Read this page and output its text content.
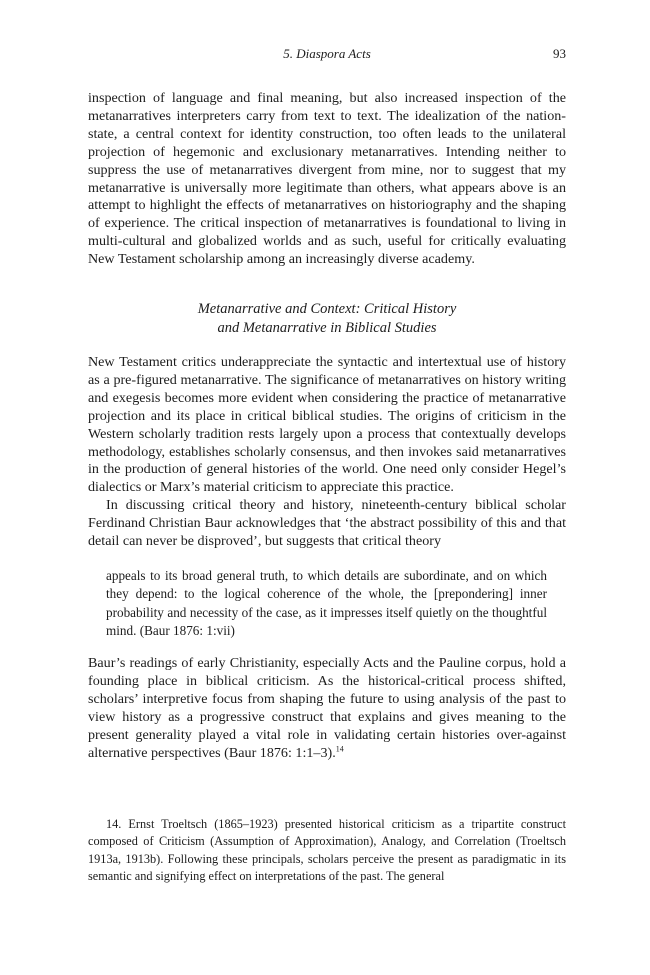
5. Diaspora Acts	93

inspection of language and final meaning, but also increased inspection of the metanarratives interpreters carry from text to text. The idealization of the nation-state, a central context for identity construction, too often leads to the unilateral projection of hegemonic and exclusionary metanarratives. Intending neither to suppress the use of metanarratives divergent from mine, nor to suggest that my metanarrative is universally more legitimate than others, what appears above is an attempt to highlight the effects of metanarratives on historiography and the shaping of experience. The critical inspection of metanarratives is foundational to living in multi-cultural and globalized worlds and as such, useful for critically evaluating New Testament scholarship among an increasingly diverse academy.

Metanarrative and Context: Critical History
and Metanarrative in Biblical Studies

New Testament critics underappreciate the syntactic and intertextual use of history as a pre-figured metanarrative. The significance of metanarratives on history writing and exegesis becomes more evident when considering the practice of metanarrative projection and its place in critical biblical studies. The origins of criticism in the Western scholarly tradition rests largely upon a process that contextually develops methodology, establishes scholarly consensus, and then invokes said metanarratives in the production of general histories of the world. One need only consider Hegel’s dialectics or Marx’s material criticism to appreciate this practice.

In discussing critical theory and history, nineteenth-century biblical scholar Ferdinand Christian Baur acknowledges that ‘the abstract possibility of this and that detail can never be disproved’, but suggests that critical theory

appeals to its broad general truth, to which details are subordinate, and on which they depend: to the logical coherence of the whole, the [prepondering] inner probability and necessity of the case, as it impresses itself quietly on the thoughtful mind. (Baur 1876: 1:vii)

Baur’s readings of early Christianity, especially Acts and the Pauline corpus, hold a founding place in biblical criticism. As the historical-critical process shifted, scholars’ interpretive focus from shaping the future to using analysis of the past to view history as a progressive construct that explains and gives meaning to the present generality played a vital role in validating certain histories over-against alternative perspectives (Baur 1876: 1:1–3).$^{14}$

14. Ernst Troeltsch (1865–1923) presented historical criticism as a tripartite construct composed of Criticism (Assumption of Approximation), Analogy, and Correlation (Troeltsch 1913a, 1913b). Following these principals, scholars perceive the present as paradigmatic in its semantic and signifying effect on interpretations of the past. The general
